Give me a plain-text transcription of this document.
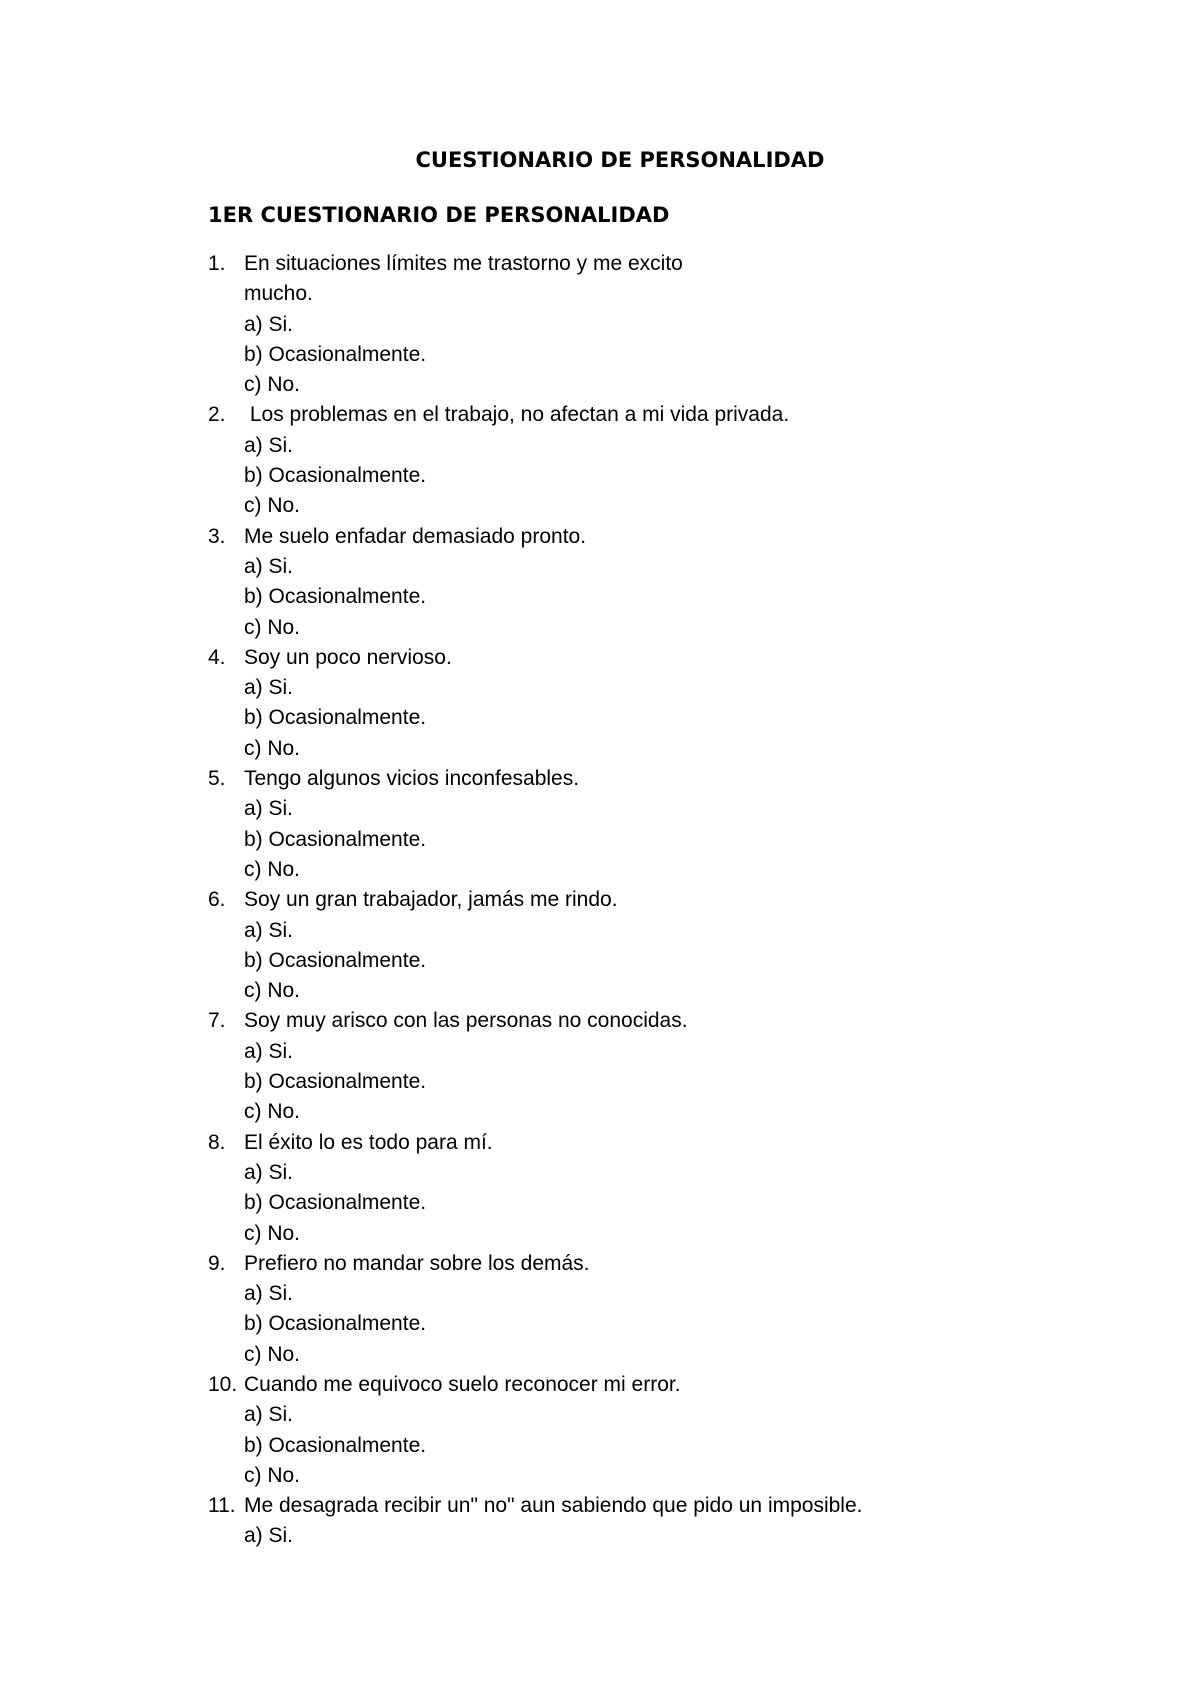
CUESTIONARIO DE PERSONALIDAD
1ER CUESTIONARIO DE PERSONALIDAD
1. En situaciones límites me trastorno y me excito mucho.
a) Si.
b) Ocasionalmente.
c) No.
2. Los problemas en el trabajo, no afectan a mi vida privada.
a) Si.
b) Ocasionalmente.
c) No.
3. Me suelo enfadar demasiado pronto.
a) Si.
b) Ocasionalmente.
c) No.
4. Soy un poco nervioso.
a) Si.
b) Ocasionalmente.
c) No.
5. Tengo algunos vicios inconfesables.
a) Si.
b) Ocasionalmente.
c) No.
6. Soy un gran trabajador, jamás me rindo.
a) Si.
b) Ocasionalmente.
c) No.
7. Soy muy arisco con las personas no conocidas.
a) Si.
b) Ocasionalmente.
c) No.
8. El éxito lo es todo para mí.
a) Si.
b) Ocasionalmente.
c) No.
9. Prefiero no mandar sobre los demás.
a) Si.
b) Ocasionalmente.
c) No.
10. Cuando me equivoco suelo reconocer mi error.
a) Si.
b) Ocasionalmente.
c) No.
11. Me desagrada recibir un" no" aun sabiendo que pido un imposible.
a) Si.
